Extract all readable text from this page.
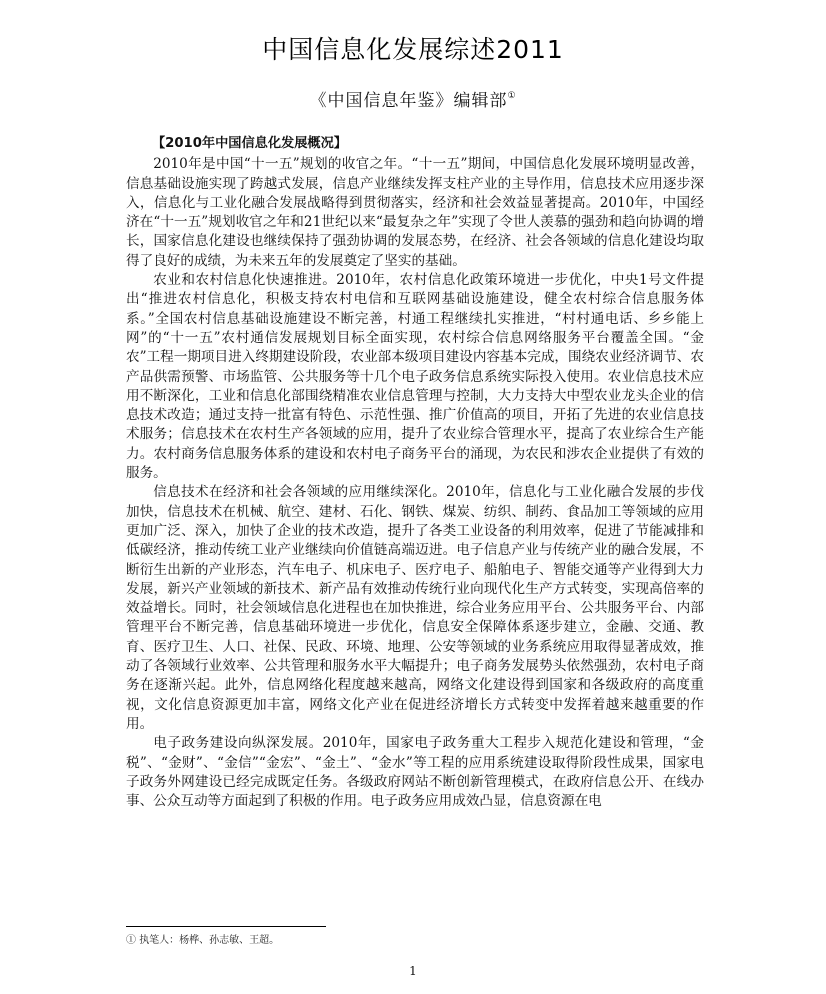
中国信息化发展综述2011
《中国信息年鉴》编辑部①
【2010年中国信息化发展概况】

2010年是中国“十一五”规划的收官之年。“十一五”期间，中国信息化发展环境明显改善，信息基础设施实现了跨越式发展，信息产业继续发挥支柱产业的主导作用，信息技术应用逐步深入，信息化与工业化融合发展战略得到贯彻落实，经济和社会效益显著提高。2010年，中国经济在“十一五”规划收官之年和21世纪以来“最复杂之年”实现了令世人羡慕的强劲和趋向协调的增长，国家信息化建设也继续保持了强劲协调的发展态势，在经济、社会各领域的信息化建设均取得了良好的成绩，为未来五年的发展奠定了坚实的基础。

农业和农村信息化快速推进。2010年，农村信息化政策环境进一步优化，中央1号文件提出“推进农村信息化，积极支持农村电信和互联网基础设施建设，健全农村综合信息服务体系。”全国农村信息基础设施建设不断完善，村通工程继续扎实推进，“村村通电话、乡乡能上网”的“十一五”农村通信发展规划目标全面实现，农村综合信息网络服务平台覆盖全国。“金农”工程一期项目进入终期建设阶段，农业部本级项目建设内容基本完成，围绕农业经济调节、农产品供需预警、市场监管、公共服务等十几个电子政务信息系统实际投入使用。农业信息技术应用不断深化，工业和信息化部围绕精准农业信息管理与控制，大力支持大中型农业龙头企业的信息技术改造；通过支持一批富有特色、示范性强、推广价值高的项目，开拓了先进的农业信息技术服务；信息技术在农村生产各领域的应用，提升了农业综合管理水平，提高了农业综合生产能力。农村商务信息服务体系的建设和农村电子商务平台的涌现，为农民和涉农企业提供了有效的服务。

信息技术在经济和社会各领域的应用继续深化。2010年，信息化与工业化融合发展的步伐加快，信息技术在机械、航空、建材、石化、钢铁、煤炭、纺织、制药、食品加工等领域的应用更加广泛、深入，加快了企业的技术改造，提升了各类工业设备的利用效率，促进了节能减排和低碳经济，推动传统工业产业继续向价值链高端迈进。电子信息产业与传统产业的融合发展，不断衍生出新的产业形态，汽车电子、机床电子、医疗电子、船舶电子、智能交通等产业得到大力发展，新兴产业领域的新技术、新产品有效推动传统行业向现代化生产方式转变，实现高倍率的效益增长。同时，社会领域信息化进程也在加快推进，综合业务应用平台、公共服务平台、内部管理平台不断完善，信息基础环境进一步优化，信息安全保障体系逐步建立，金融、交通、教育、医疗卫生、人口、社保、民政、环境、地理、公安等领域的业务系统应用取得显著成效，推动了各领域行业效率、公共管理和服务水平大幅提升；电子商务发展势头依然强劲，农村电子商务在逐渐兴起。此外，信息网络化程度越来越高，网络文化建设得到国家和各级政府的高度重视，文化信息资源更加丰富，网络文化产业在促进经济增长方式转变中发挥着越来越重要的作用。

电子政务建设向纵深发展。2010年，国家电子政务重大工程步入规范化建设和管理，“金税”、“金财”、“金信”“金宏”、“金土”、“金水”等工程的应用系统建设取得阶段性成果，国家电子政务外网建设已经完成既定任务。各级政府网站不断创新管理模式，在政府信息公开、在线办事、公众互动等方面起到了积极的作用。电子政务应用成效凸显，信息资源在电

① 执笔人：杨桦、孙志敏、王超。
1
